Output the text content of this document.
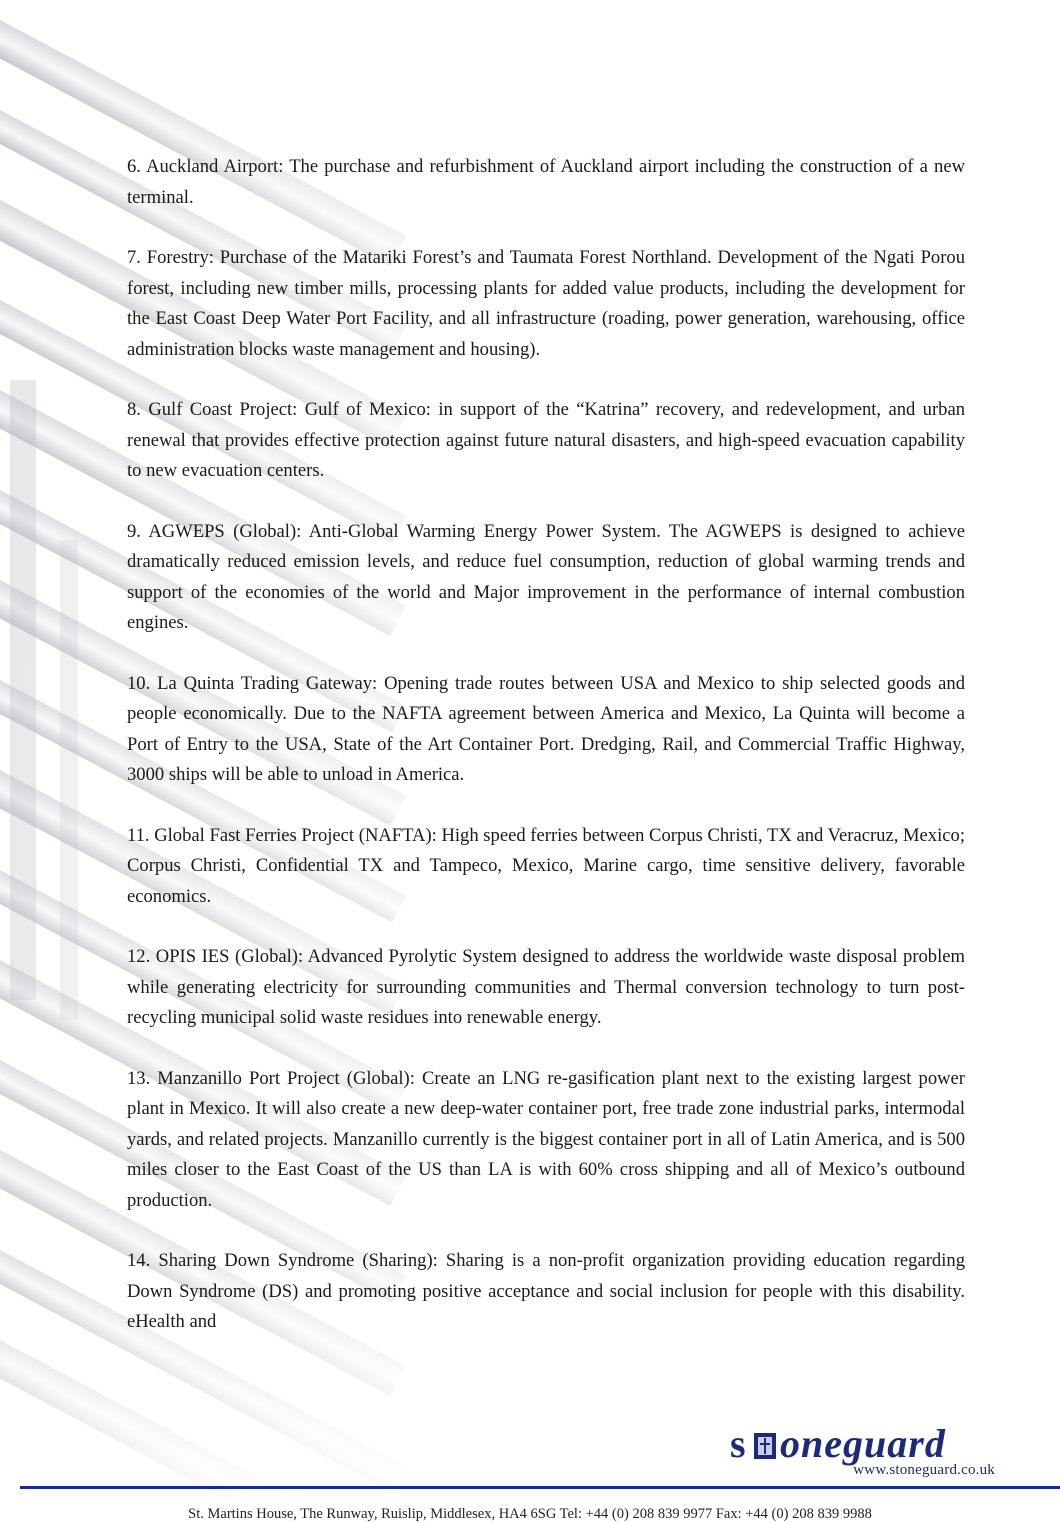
6. Auckland Airport: The purchase and refurbishment of Auckland airport including the construction of a new terminal.

7. Forestry: Purchase of the Matariki Forest’s and Taumata Forest Northland. Development of the Ngati Porou forest, including new timber mills, processing plants for added value products, including the development for the East Coast Deep Water Port Facility, and all infrastructure (roading, power generation, warehousing, office administration blocks waste management and housing).

8. Gulf Coast Project: Gulf of Mexico: in support of the “Katrina” recovery, and redevelopment, and urban renewal that provides effective protection against future natural disasters, and high-speed evacuation capability to new evacuation centers.

9. AGWEPS (Global): Anti-Global Warming Energy Power System. The AGWEPS is designed to achieve dramatically reduced emission levels, and reduce fuel consumption, reduction of global warming trends and support of the economies of the world and Major improvement in the performance of internal combustion engines.

10. La Quinta Trading Gateway: Opening trade routes between USA and Mexico to ship selected goods and people economically. Due to the NAFTA agreement between America and Mexico, La Quinta will become a Port of Entry to the USA, State of the Art Container Port. Dredging, Rail, and Commercial Traffic Highway, 3000 ships will be able to unload in America.

11. Global Fast Ferries Project (NAFTA): High speed ferries between Corpus Christi, TX and Veracruz, Mexico; Corpus Christi, Confidential TX and Tampeco, Mexico, Marine cargo, time sensitive delivery, favorable economics.

12. OPIS IES (Global): Advanced Pyrolytic System designed to address the worldwide waste disposal problem while generating electricity for surrounding communities and Thermal conversion technology to turn post-recycling municipal solid waste residues into renewable energy.

13. Manzanillo Port Project (Global): Create an LNG re-gasification plant next to the existing largest power plant in Mexico. It will also create a new deep-water container port, free trade zone industrial parks, intermodal yards, and related projects. Manzanillo currently is the biggest container port in all of Latin America, and is 500 miles closer to the East Coast of the US than LA is with 60% cross shipping and all of Mexico’s outbound production.

14. Sharing Down Syndrome (Sharing): Sharing is a non-profit organization providing education regarding Down Syndrome (DS) and promoting positive acceptance and social inclusion for people with this disability. eHealth and

s oneguard
www.stoneguard.co.uk
St. Martins House, The Runway, Ruislip, Middlesex, HA4 6SG Tel: +44 (0) 208 839 9977 Fax: +44 (0) 208 839 9988
